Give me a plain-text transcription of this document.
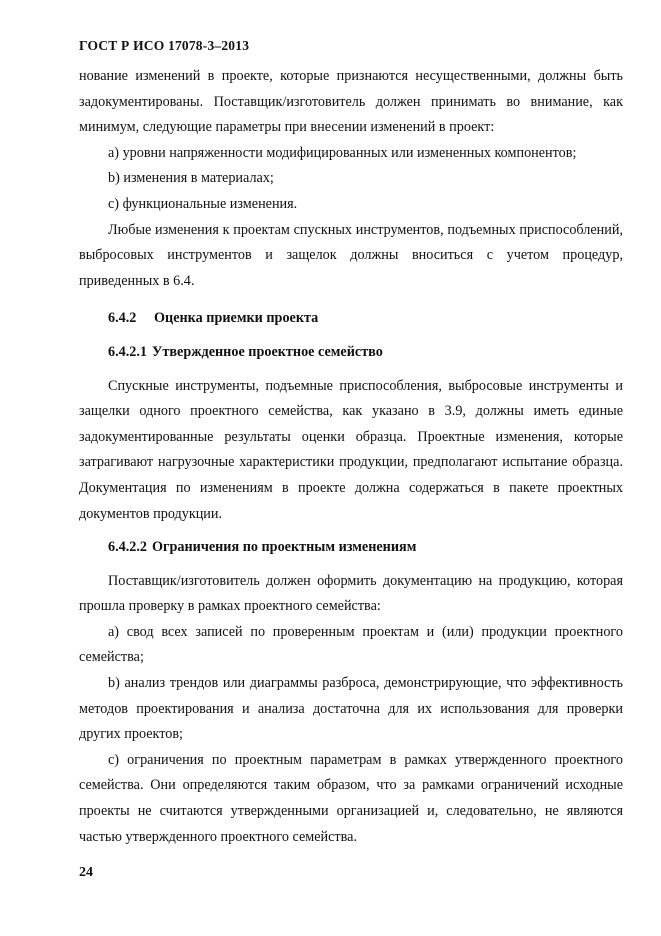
ГОСТ Р ИСО 17078-3–2013

нование изменений в проекте, которые признаются несущественными, должны быть задокументированы. Поставщик/изготовитель должен принимать во внимание, как минимум, следующие параметры при внесении изменений в проект:

a) уровни напряженности модифицированных или измененных компонентов;

b) изменения в материалах;

c) функциональные изменения.

Любые изменения к проектам спускных инструментов, подъемных приспособлений, выбросовых инструментов и защелок должны вноситься с учетом процедур, приведенных в 6.4.

6.4.2 Оценка приемки проекта

6.4.2.1 Утвержденное проектное семейство

Спускные инструменты, подъемные приспособления, выбросовые инструменты и защелки одного проектного семейства, как указано в 3.9, должны иметь единые задокументированные результаты оценки образца. Проектные изменения, которые затрагивают нагрузочные характеристики продукции, предполагают испытание образца. Документация по изменениям в проекте должна содержаться в пакете проектных документов продукции.

6.4.2.2 Ограничения по проектным изменениям

Поставщик/изготовитель должен оформить документацию на продукцию, которая прошла проверку в рамках проектного семейства:

a) свод всех записей по проверенным проектам и (или) продукции проектного семейства;

b) анализ трендов или диаграммы разброса, демонстрирующие, что эффективность методов проектирования и анализа достаточна для их использования для проверки других проектов;

c) ограничения по проектным параметрам в рамках утвержденного проектного семейства. Они определяются таким образом, что за рамками ограничений исходные проекты не считаются утвержденными организацией и, следовательно, не являются частью утвержденного проектного семейства.

24
